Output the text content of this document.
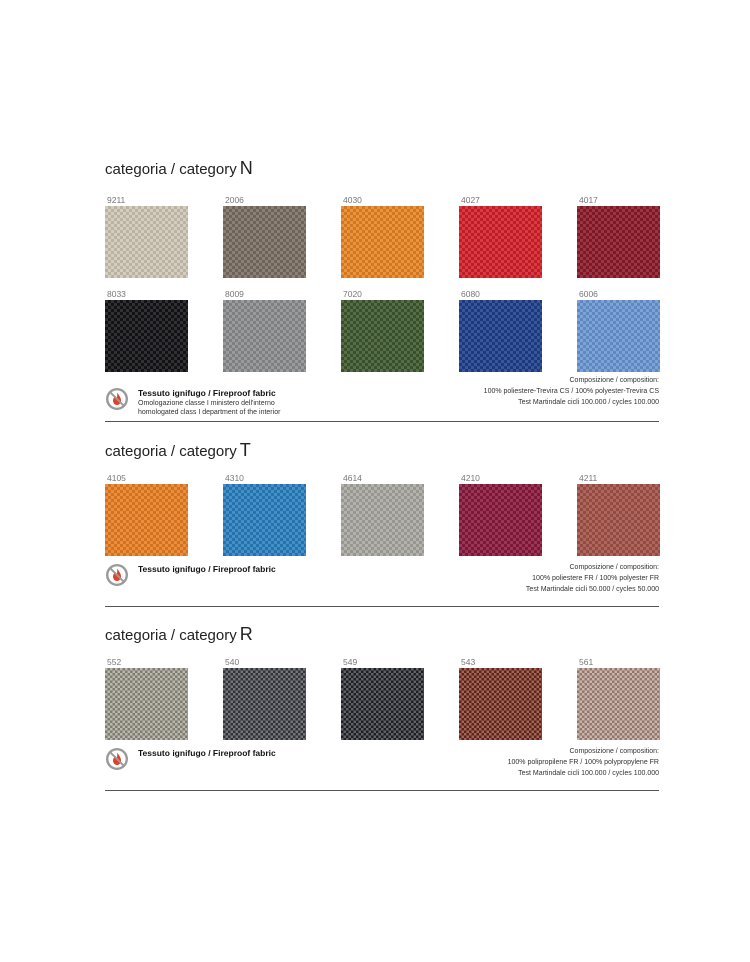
categoria / category N
9211	2006	4030	4027	4017
8033	8009	7020	6080	6006
Tessuto ignifugo / Fireproof fabric
Omologazione classe I ministero dell'interno
homologated class I department of the interior
Composizione / composition:
100% poliestere-Trevira CS / 100% polyester-Trevira CS
Test Martindale cicli 100.000 / cycles 100.000
categoria / category T
4105	4310	4614	4210	4211
Tessuto ignifugo / Fireproof fabric	Composizione / composition:
100% poliestere FR / 100% polyester FR
Test Martindale cicli 50.000 / cycles 50.000
categoria / category R
552	540	549	543	561
Tessuto ignifugo / Fireproof fabric	Composizione / composition:
100% polipropilene FR / 100% polypropylene FR
Test Martindale cicli 100.000 / cycles 100.000
